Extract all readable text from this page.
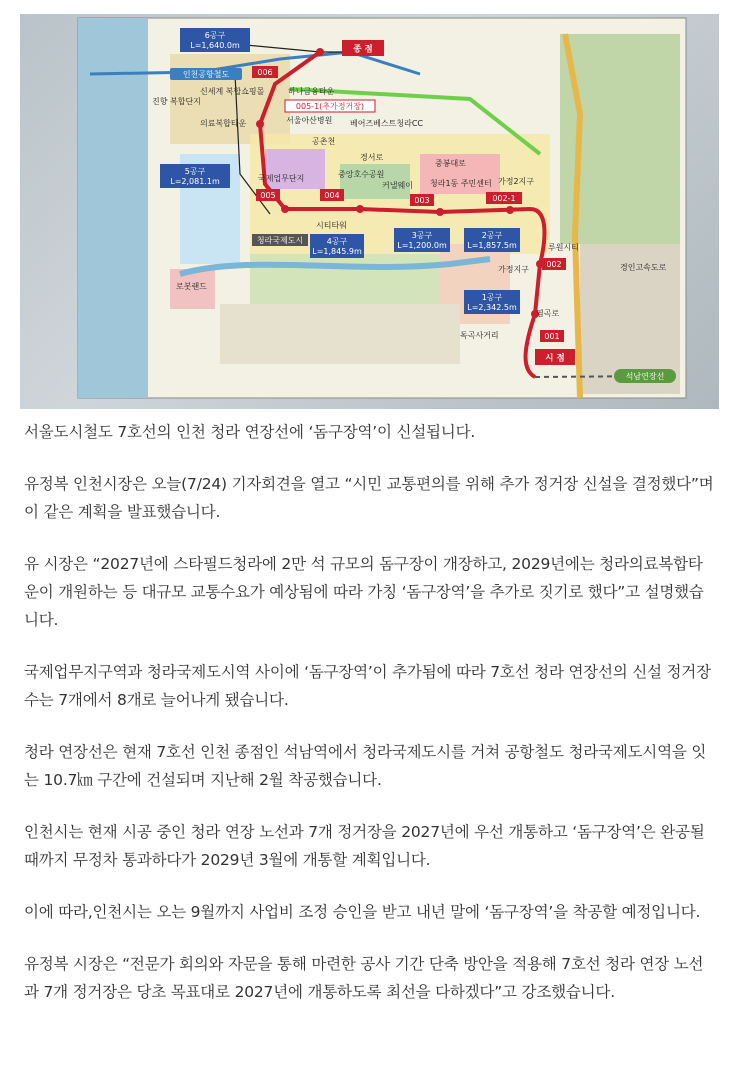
종 점
시 점
006
005	004
003	002-1
002
001
005-1(추가정거장)
6공구
L=1,640.0m
5공구
L=2,081.1m
4공구
L=1,845.9m
3공구
L=1,200.0m
2공구
L=1,857.5m
1공구
L=2,342.5m
인천공항철도
하나금융타운
서울아산병원
신세계 복합쇼핑몰
진향 복합단지
의료복합타운	베어즈베스트청라CC
공촌천
국제업무단지	중앙호수공원
경서로
중봉대로
커낼웨이 청라1동 주민센터
시티타워
청라국제도시
로봇랜드
가정2지구
가정지구
루원시티
경인고속도로
염곡로
독곡사거리
석남연장선

서울도시철도 7호선의 인천 청라 연장선에 ‘돔구장역’이 신설됩니다.

유정복 인천시장은 오늘(7/24) 기자회견을 열고 “시민 교통편의를 위해 추가 정거장 신설을 결정했다”며 이 같은 계획을 발표했습니다.

유 시장은 “2027년에 스타필드청라에 2만 석 규모의 돔구장이 개장하고, 2029년에는 청라의료복합타운이 개원하는 등 대규모 교통수요가 예상됨에 따라 가칭 ‘돔구장역’을 추가로 짓기로 했다”고 설명했습니다.

국제업무지구역과 청라국제도시역 사이에 ‘돔구장역’이 추가됨에 따라 7호선 청라 연장선의 신설 정거장 수는 7개에서 8개로 늘어나게 됐습니다.

청라 연장선은 현재 7호선 인천 종점인 석남역에서 청라국제도시를 거쳐 공항철도 청라국제도시역을 잇는 10.7㎞ 구간에 건설되며 지난해 2월 착공했습니다.

인천시는 현재 시공 중인 청라 연장 노선과 7개 정거장을 2027년에 우선 개통하고 ‘돔구장역’은 완공될 때까지 무정차 통과하다가 2029년 3월에 개통할 계획입니다.

이에 따라,인천시는 오는 9월까지 사업비 조정 승인을 받고 내년 말에 ‘돔구장역’을 착공할 예정입니다.

유정복 시장은 “전문가 회의와 자문을 통해 마련한 공사 기간 단축 방안을 적용해 7호선 청라 연장 노선과 7개 정거장은 당초 목표대로 2027년에 개통하도록 최선을 다하겠다”고 강조했습니다.
